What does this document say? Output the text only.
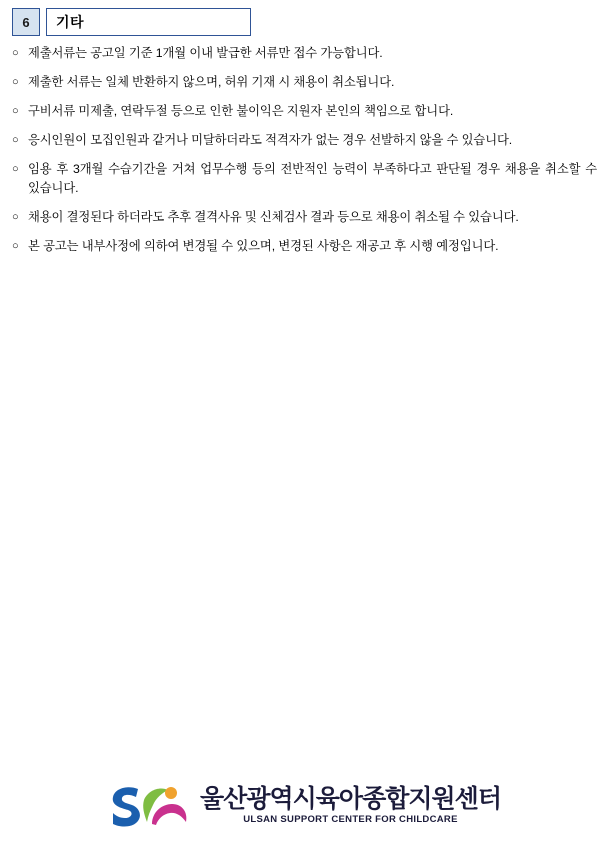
6	기타
○ 제출서류는 공고일 기준 1개월 이내 발급한 서류만 접수 가능합니다.
○ 제출한 서류는 일체 반환하지 않으며, 허위 기재 시 채용이 취소됩니다.
○ 구비서류 미제출, 연락두절 등으로 인한 불이익은 지원자 본인의 책임으로 합니다.
○ 응시인원이 모집인원과 같거나 미달하더라도 적격자가 없는 경우 선발하지 않을 수 있습니다.
○ 임용 후 3개월 수습기간을 거쳐 업무수행 등의 전반적인 능력이 부족하다고 판단될 경우 채용을 취소할 수 있습니다.
○ 채용이 결정된다 하더라도 추후 결격사유 및 신체검사 결과 등으로 채용이 취소될 수 있습니다.
○ 본 공고는 내부사정에 의하여 변경될 수 있으며, 변경된 사항은 재공고 후 시행 예정입니다.
울산광역시육아종합지원센터
ULSAN SUPPORT CENTER FOR CHILDCARE
